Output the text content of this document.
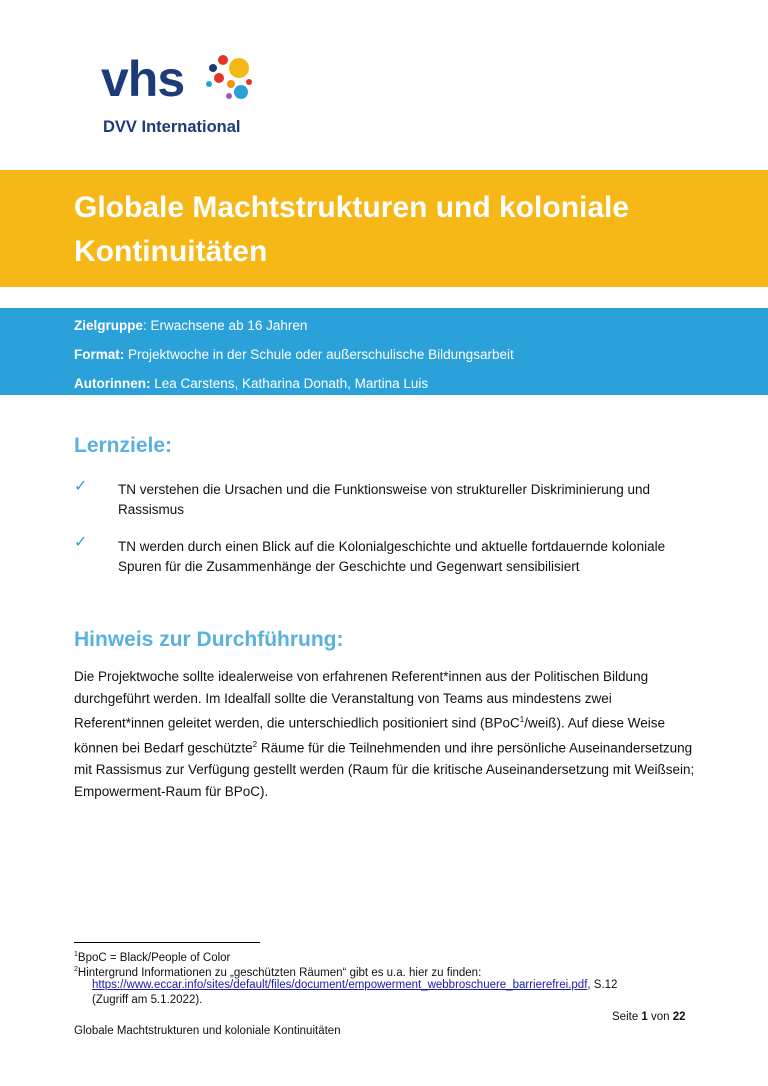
vhs
DVV International
Globale Machtstrukturen und koloniale
Kontinuitäten
Zielgruppe: Erwachsene ab 16 Jahren
Format: Projektwoche in der Schule oder außerschulische Bildungsarbeit
Autorinnen: Lea Carstens, Katharina Donath, Martina Luis
Lernziele:
✓ TN verstehen die Ursachen und die Funktionsweise von struktureller Diskriminierung und Rassismus
✓ TN werden durch einen Blick auf die Kolonialgeschichte und aktuelle fortdauernde koloniale Spuren für die Zusammenhänge der Geschichte und Gegenwart sensibilisiert
Hinweis zur Durchführung:
Die Projektwoche sollte idealerweise von erfahrenen Referent*innen aus der Politischen Bildung durchgeführt werden. Im Idealfall sollte die Veranstaltung von Teams aus mindestens zwei Referent*innen geleitet werden, die unterschiedlich positioniert sind (BPoC$^1$/weiß). Auf diese Weise können bei Bedarf geschützte$^2$ Räume für die Teilnehmenden und ihre persönliche Auseinandersetzung mit Rassismus zur Verfügung gestellt werden (Raum für die kritische Auseinandersetzung mit Weißsein; Empowerment-Raum für BPoC).
$^1$BpoC = Black/People of Color
$^2$Hintergrund Informationen zu „geschützten Räumen“ gibt es u.a. hier zu finden:
https://www.eccar.info/sites/default/files/document/empowerment_webbroschuere_barrierefrei.pdf, S.12
(Zugriff am 5.1.2022).
Seite 1 von 22
Globale Machtstrukturen und koloniale Kontinuitäten
